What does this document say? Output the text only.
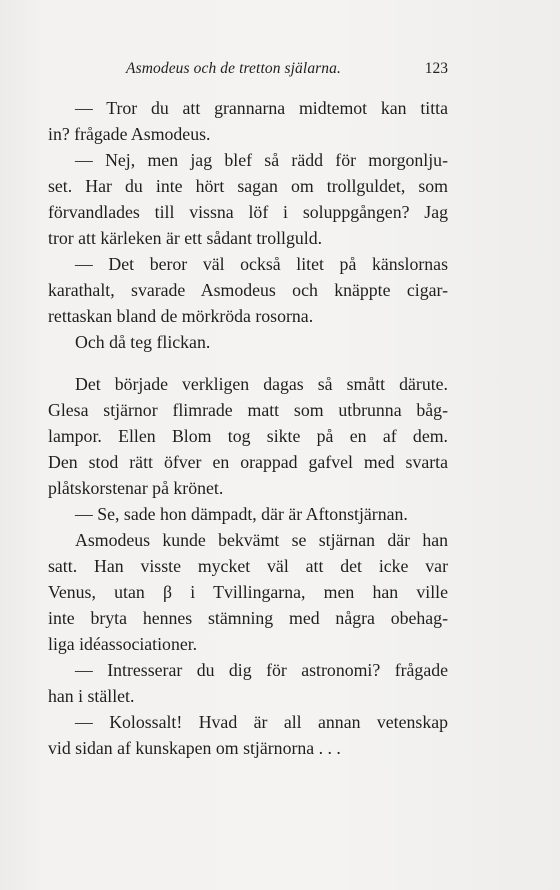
Asmodeus och de tretton själarna.	123
— Tror du att grannarna midtemot kan titta
in? frågade Asmodeus.
— Nej, men jag blef så rädd för morgonlju-
set. Har du inte hört sagan om trollguldet, som
förvandlades till vissna löf i soluppgången? Jag
tror att kärleken är ett sådant trollguld.
— Det beror väl också litet på känslornas
karathalt, svarade Asmodeus och knäppte cigar-
rettaskan bland de mörkröda rosorna.
Och då teg flickan.
Det började verkligen dagas så smått därute.
Glesa stjärnor flimrade matt som utbrunna båg-
lampor. Ellen Blom tog sikte på en af dem.
Den stod rätt öfver en orappad gafvel med svarta
plåtskorstenar på krönet.
— Se, sade hon dämpadt, där är Aftonstjärnan.
Asmodeus kunde bekvämt se stjärnan där han
satt. Han visste mycket väl att det icke var
Venus, utan β i Tvillingarna, men han ville
inte bryta hennes stämning med några obehag-
liga idéassociationer.
— Intresserar du dig för astronomi? frågade
han i stället.
— Kolossalt! Hvad är all annan vetenskap
vid sidan af kunskapen om stjärnorna . . .
